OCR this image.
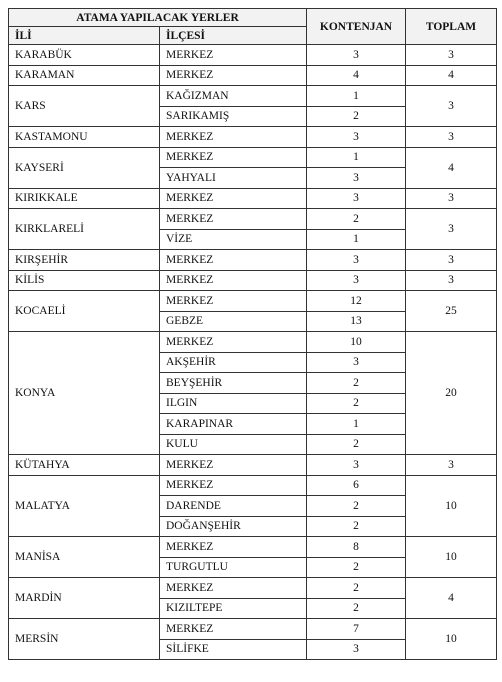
ATAMA YAPILACAK YERLER		KONTENJAN	TOPLAM
İLİ	İLÇESİ		
KARABÜK	MERKEZ	3	3
KARAMAN	MERKEZ	4	4
KARS	KAĞIZMAN	1	3
	SARIKAMIŞ	2	
KASTAMONU	MERKEZ	3	3
KAYSERİ	MERKEZ	1	4
	YAHYALI	3	
KIRIKKALE	MERKEZ	3	3
KIRKLARELİ	MERKEZ	2	3
	VİZE	1	
KIRŞEHİR	MERKEZ	3	3
KİLİS	MERKEZ	3	3
KOCAELİ	MERKEZ	12	25
	GEBZE	13	
KONYA	MERKEZ	10	20
	AKŞEHİR	3	
	BEYŞEHİR	2	
	ILGIN	2	
	KARAPINAR	1	
	KULU	2	
KÜTAHYA	MERKEZ	3	3
MALATYA	MERKEZ	6	10
	DARENDE	2	
	DOĞANŞEHİR	2	
MANİSA	MERKEZ	8	10
	TURGUTLU	2	
MARDİN	MERKEZ	2	4
	KIZILTEPE	2	
MERSİN	MERKEZ	7	10
	SİLİFKE	3	
